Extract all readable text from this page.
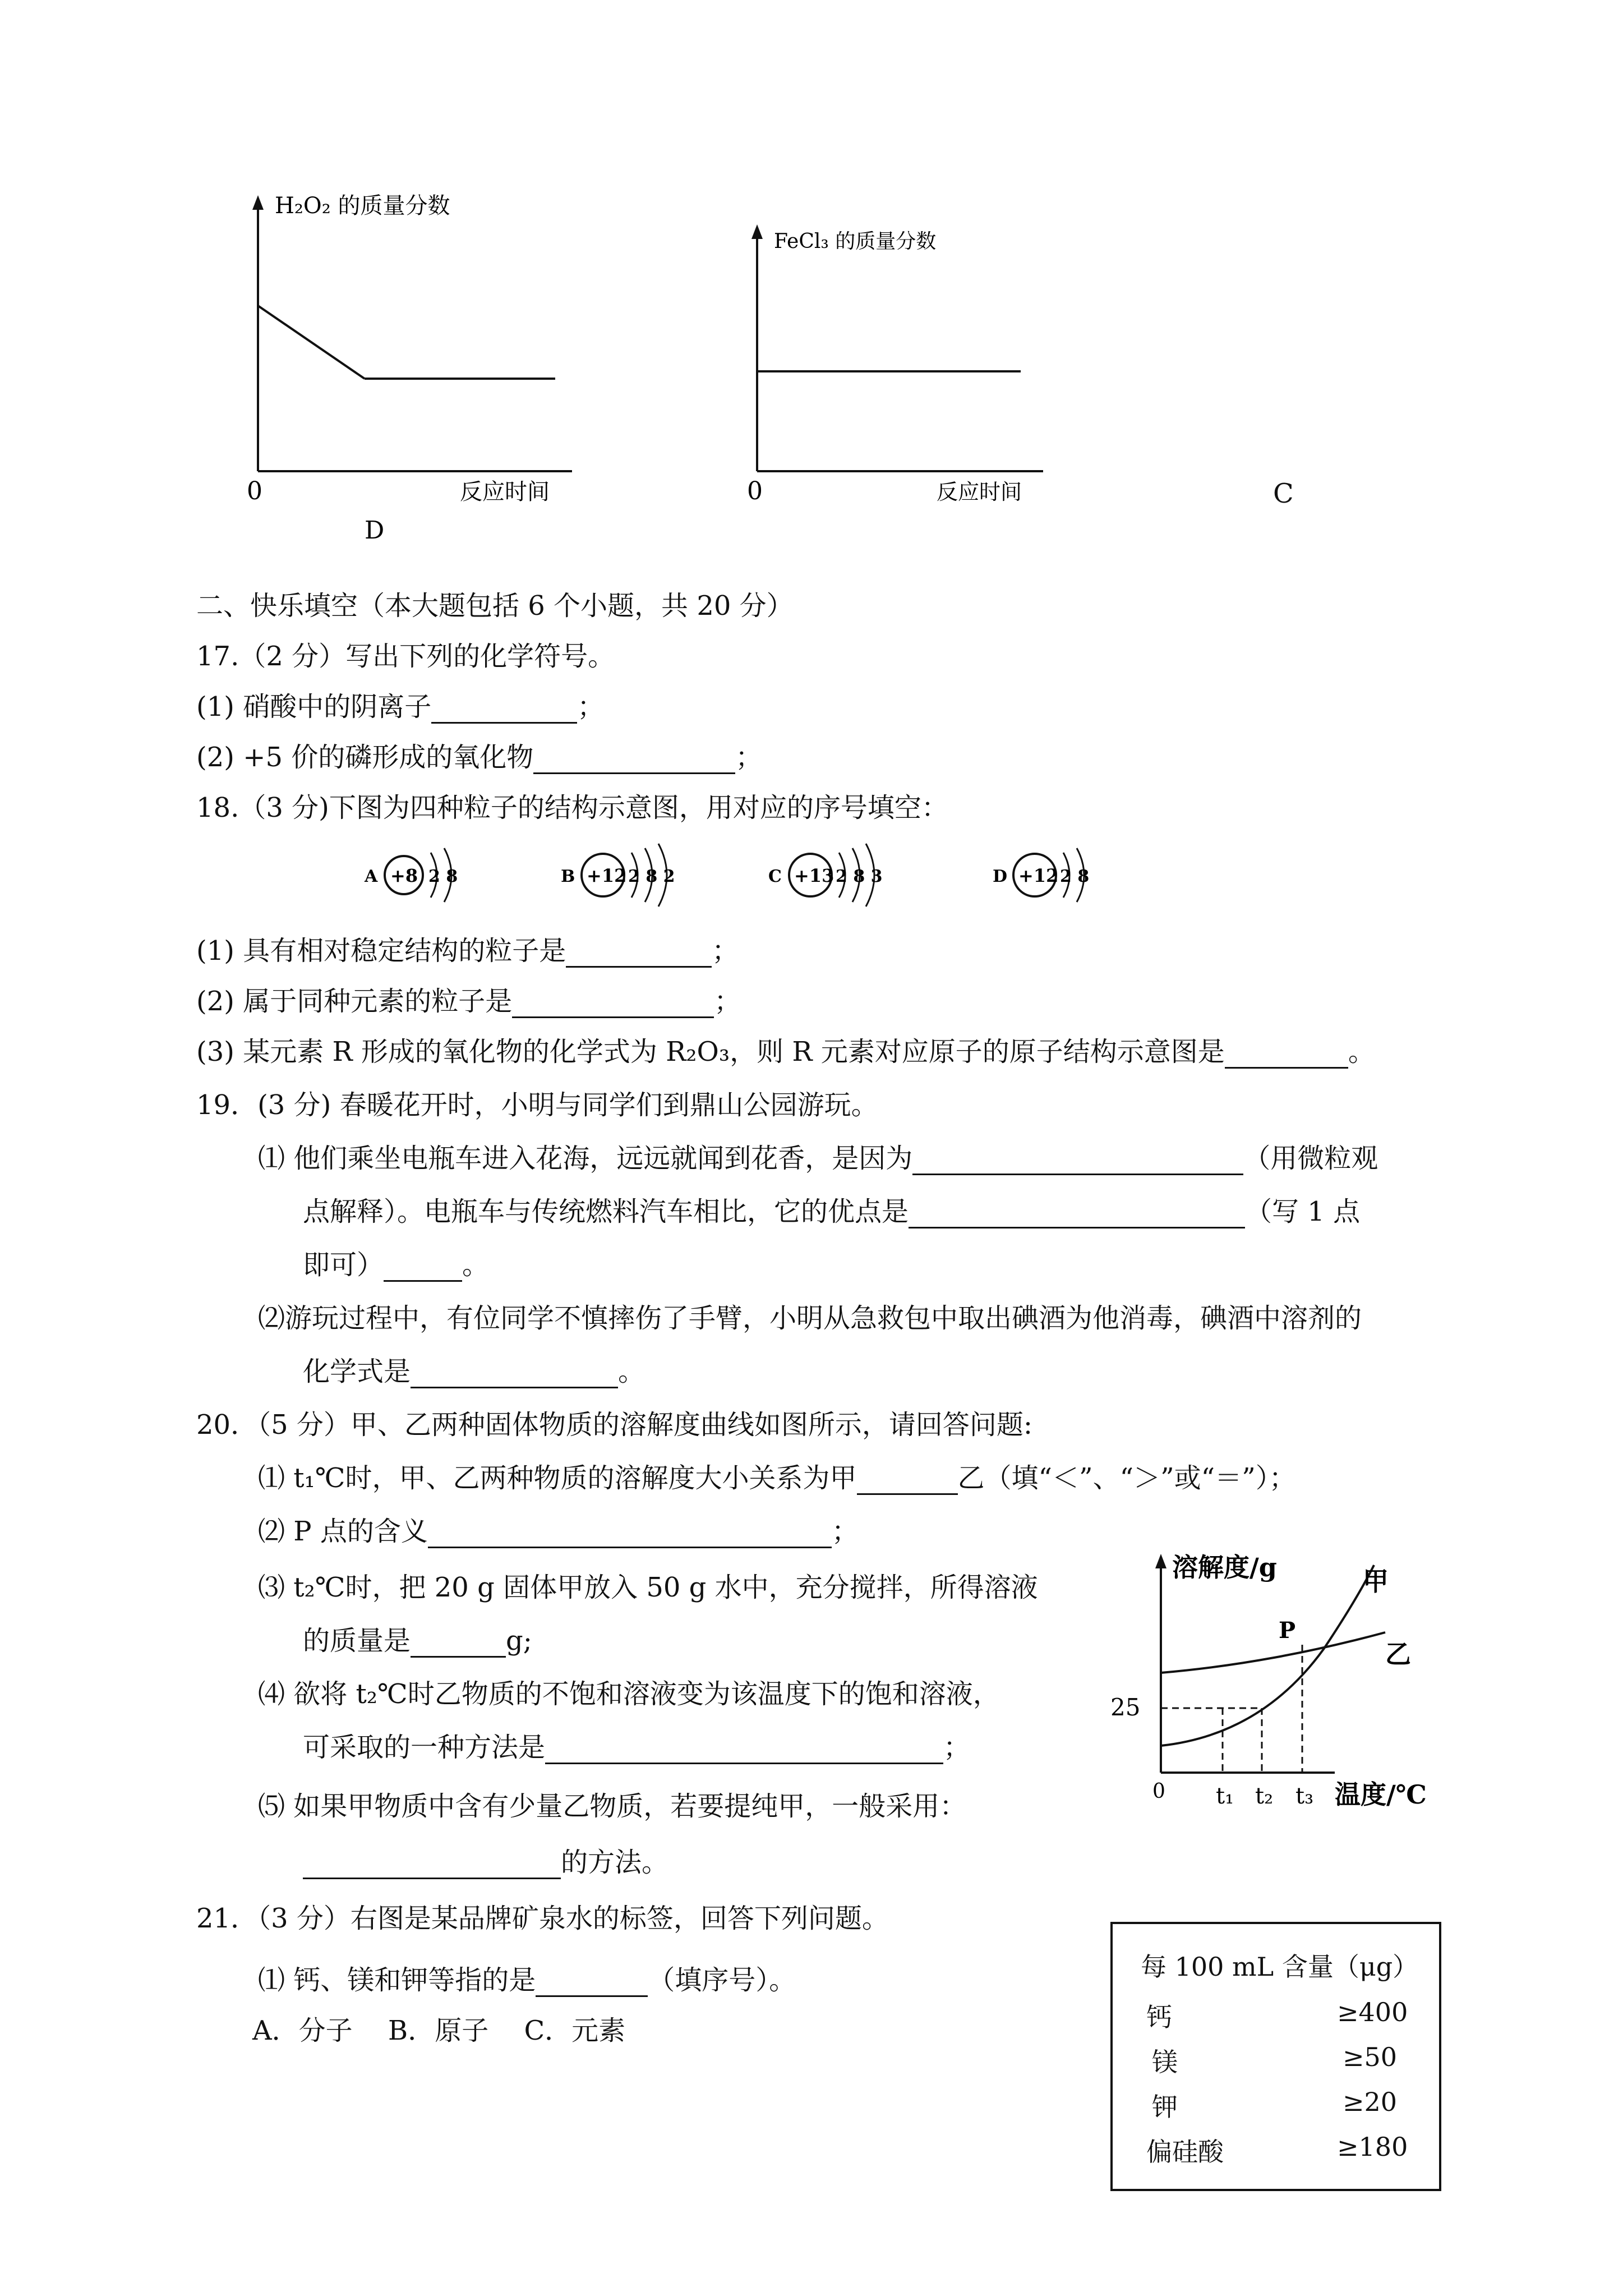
H₂O₂ 的质量分数
0	反应时间
D
FeCl₃ 的质量分数
0	反应时间	C
二、快乐填空（本大题包括 6 个小题，共 20 分）
17.（2 分）写出下列的化学符号。
(1) 硝酸中的阴离子	；
(2) +5 价的磷形成的氧化物	；
18.（3 分)下图为四种粒子的结构示意图，用对应的序号填空：
A +8 2 8	B +12 2 8 2	C +13 2 8 3	D +12 2 8
(1) 具有相对稳定结构的粒子是	；
(2) 属于同种元素的粒子是	；
(3) 某元素 R 形成的氧化物的化学式为 R₂O₃，则 R 元素对应原子的原子结构示意图是	。
19．(3 分) 春暖花开时，小明与同学们到鼎山公园游玩。
⑴ 他们乘坐电瓶车进入花海，远远就闻到花香，是因为	（用微粒观
点解释）。电瓶车与传统燃料汽车相比，它的优点是	（写 1 点
即可）	。
⑵游玩过程中，有位同学不慎摔伤了手臂，小明从急救包中取出碘酒为他消毒，碘酒中溶剂的
化学式是	。
20．（5 分）甲、乙两种固体物质的溶解度曲线如图所示，请回答问题:
⑴ t₁℃时，甲、乙两种物质的溶解度大小关系为甲	乙（填“＜”、“＞”或“＝”）；
⑵ P 点的含义	；
⑶ t₂℃时，把 20 g 固体甲放入 50 g 水中，充分搅拌，所得溶液
的质量是	g;
⑷ 欲将 t₂℃时乙物质的不饱和溶液变为该温度下的饱和溶液，
可采取的一种方法是	；
⑸ 如果甲物质中含有少量乙物质，若要提纯甲，一般采用：
的方法。
溶解度/g	甲
乙
P
25
0 t₁ t₂ t₃ 温度/℃
21．（3 分）右图是某品牌矿泉水的标签，回答下列问题。
⑴ 钙、镁和钾等指的是	（填序号）。
A．分子　 B．原子　 C．元素
每 100 mL 含量（μg）
钙	≥400
镁	≥50
钾	≥20
偏硅酸	≥180
